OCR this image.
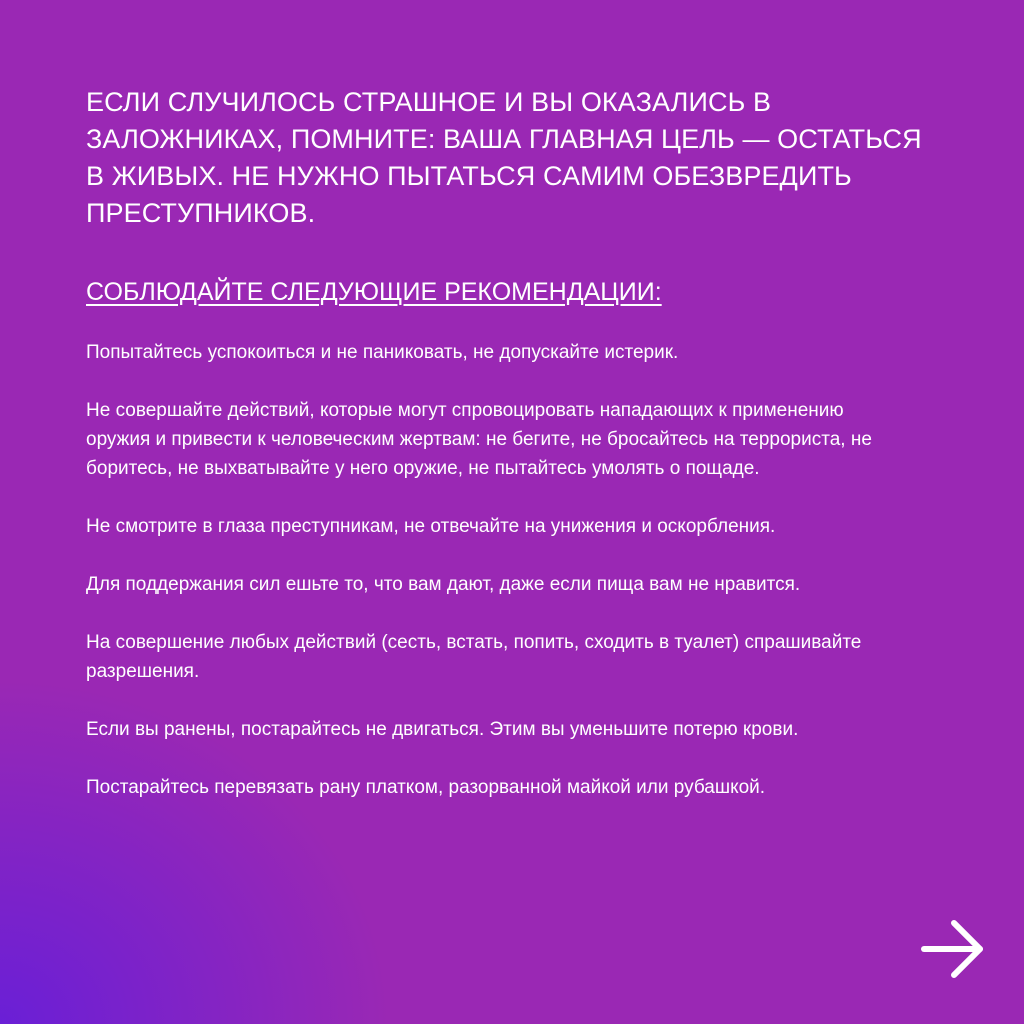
ЕСЛИ СЛУЧИЛОСЬ СТРАШНОЕ И ВЫ ОКАЗАЛИСЬ В ЗАЛОЖНИКАХ, ПОМНИТЕ: ВАША ГЛАВНАЯ ЦЕЛЬ — ОСТАТЬСЯ В ЖИВЫХ. НЕ НУЖНО ПЫТАТЬСЯ САМИМ ОБЕЗВРЕДИТЬ ПРЕСТУПНИКОВ.
СОБЛЮДАЙТЕ СЛЕДУЮЩИЕ РЕКОМЕНДАЦИИ:
Попытайтесь успокоиться и не паниковать, не допускайте истерик.
Не совершайте действий, которые могут спровоцировать нападающих к применению оружия и привести к человеческим жертвам: не бегите, не бросайтесь на террориста, не боритесь, не выхватывайте у него оружие, не пытайтесь умолять о пощаде.
Не смотрите в глаза преступникам, не отвечайте на унижения и оскорбления.
Для поддержания сил ешьте то, что вам дают, даже если пища вам не нравится.
На совершение любых действий (сесть, встать, попить, сходить в туалет) спрашивайте разрешения.
Если вы ранены, постарайтесь не двигаться. Этим вы уменьшите потерю крови.
Постарайтесь перевязать рану платком, разорванной майкой или рубашкой.
